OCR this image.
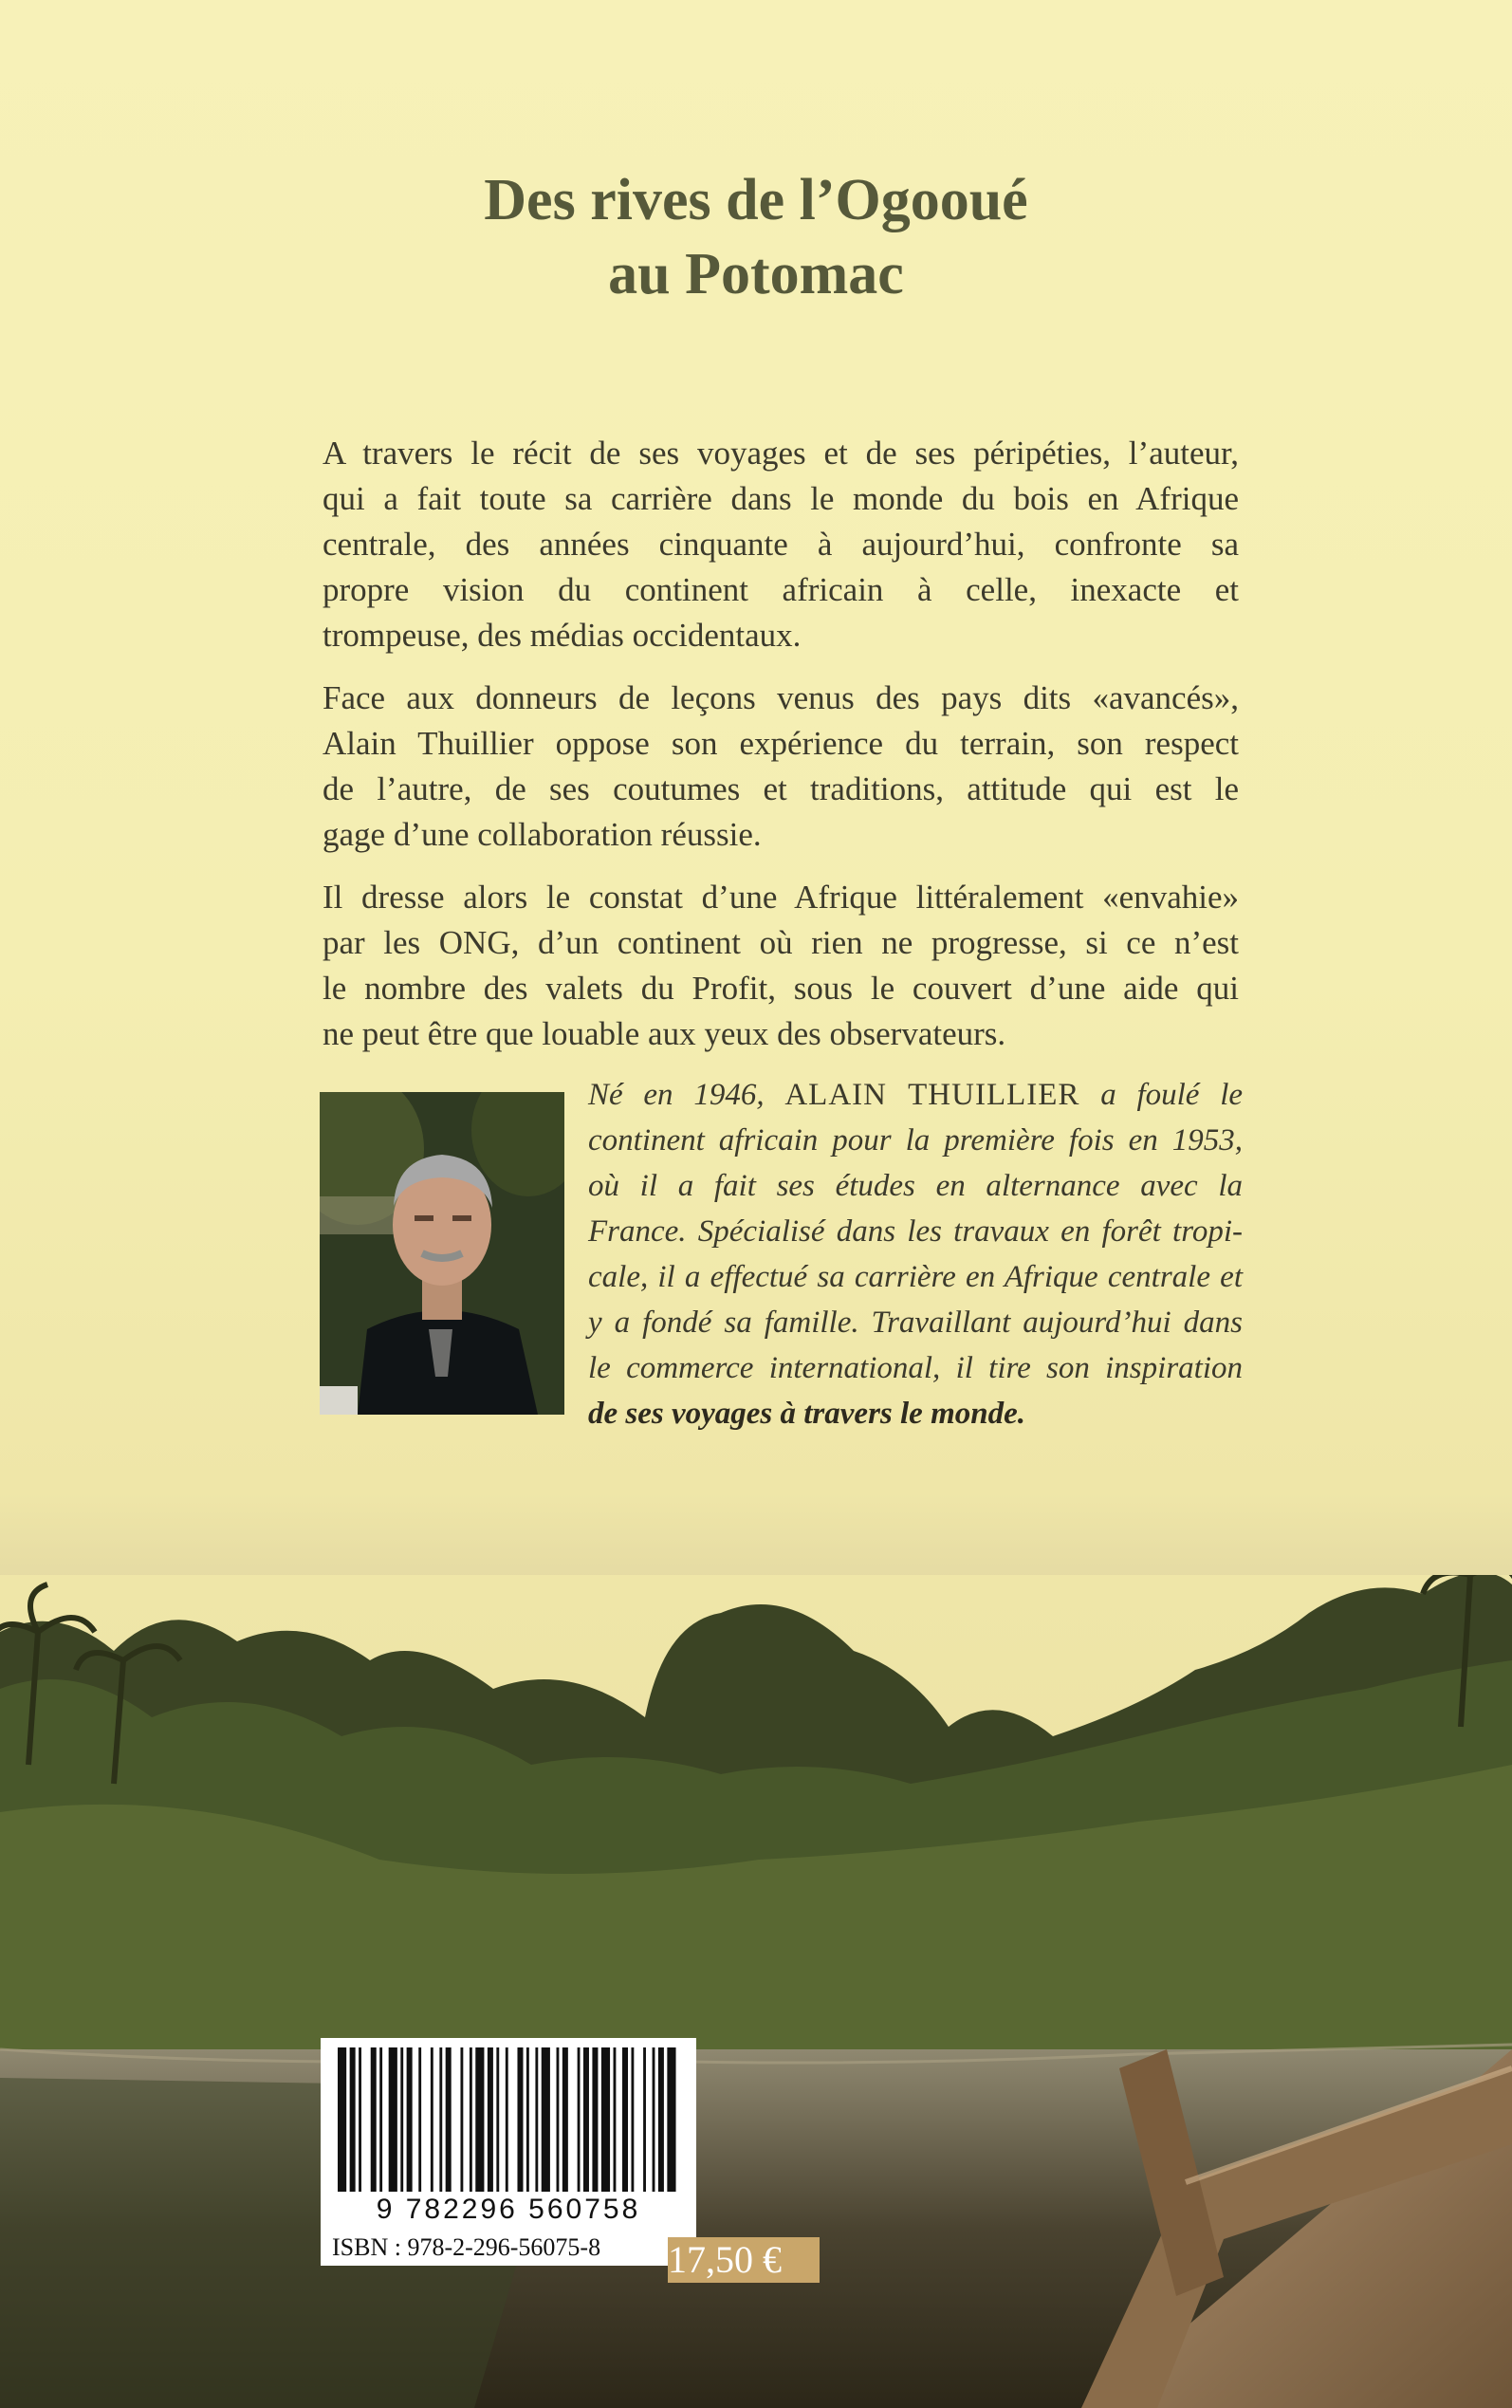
Des rives de l’Ogooué
au Potomac
A travers le récit de ses voyages et de ses péripéties, l’auteur,
qui a fait toute sa carrière dans le monde du bois en Afrique
centrale, des années cinquante à aujourd’hui, confronte sa
propre vision du continent africain à celle, inexacte et
trompeuse, des médias occidentaux.
Face aux donneurs de leçons venus des pays dits «avancés»,
Alain Thuillier oppose son expérience du terrain, son respect
de l’autre, de ses coutumes et traditions, attitude qui est le
gage d’une collaboration réussie.
Il dresse alors le constat d’une Afrique littéralement «envahie»
par les ONG, d’un continent où rien ne progresse, si ce n’est
le nombre des valets du Profit, sous le couvert d’une aide qui
ne peut être que louable aux yeux des observateurs.
Né en 1946, ALAIN THUILLIER a foulé le
continent africain pour la première fois en 1953,
où il a fait ses études en alternance avec la
France. Spécialisé dans les travaux en forêt tropi-
cale, il a effectué sa carrière en Afrique centrale et
y a fondé sa famille. Travaillant aujourd’hui dans
le commerce international, il tire son inspiration
de ses voyages à travers le monde.
9 782296 560758
ISBN : 978-2-296-56075-8 17,50 €
